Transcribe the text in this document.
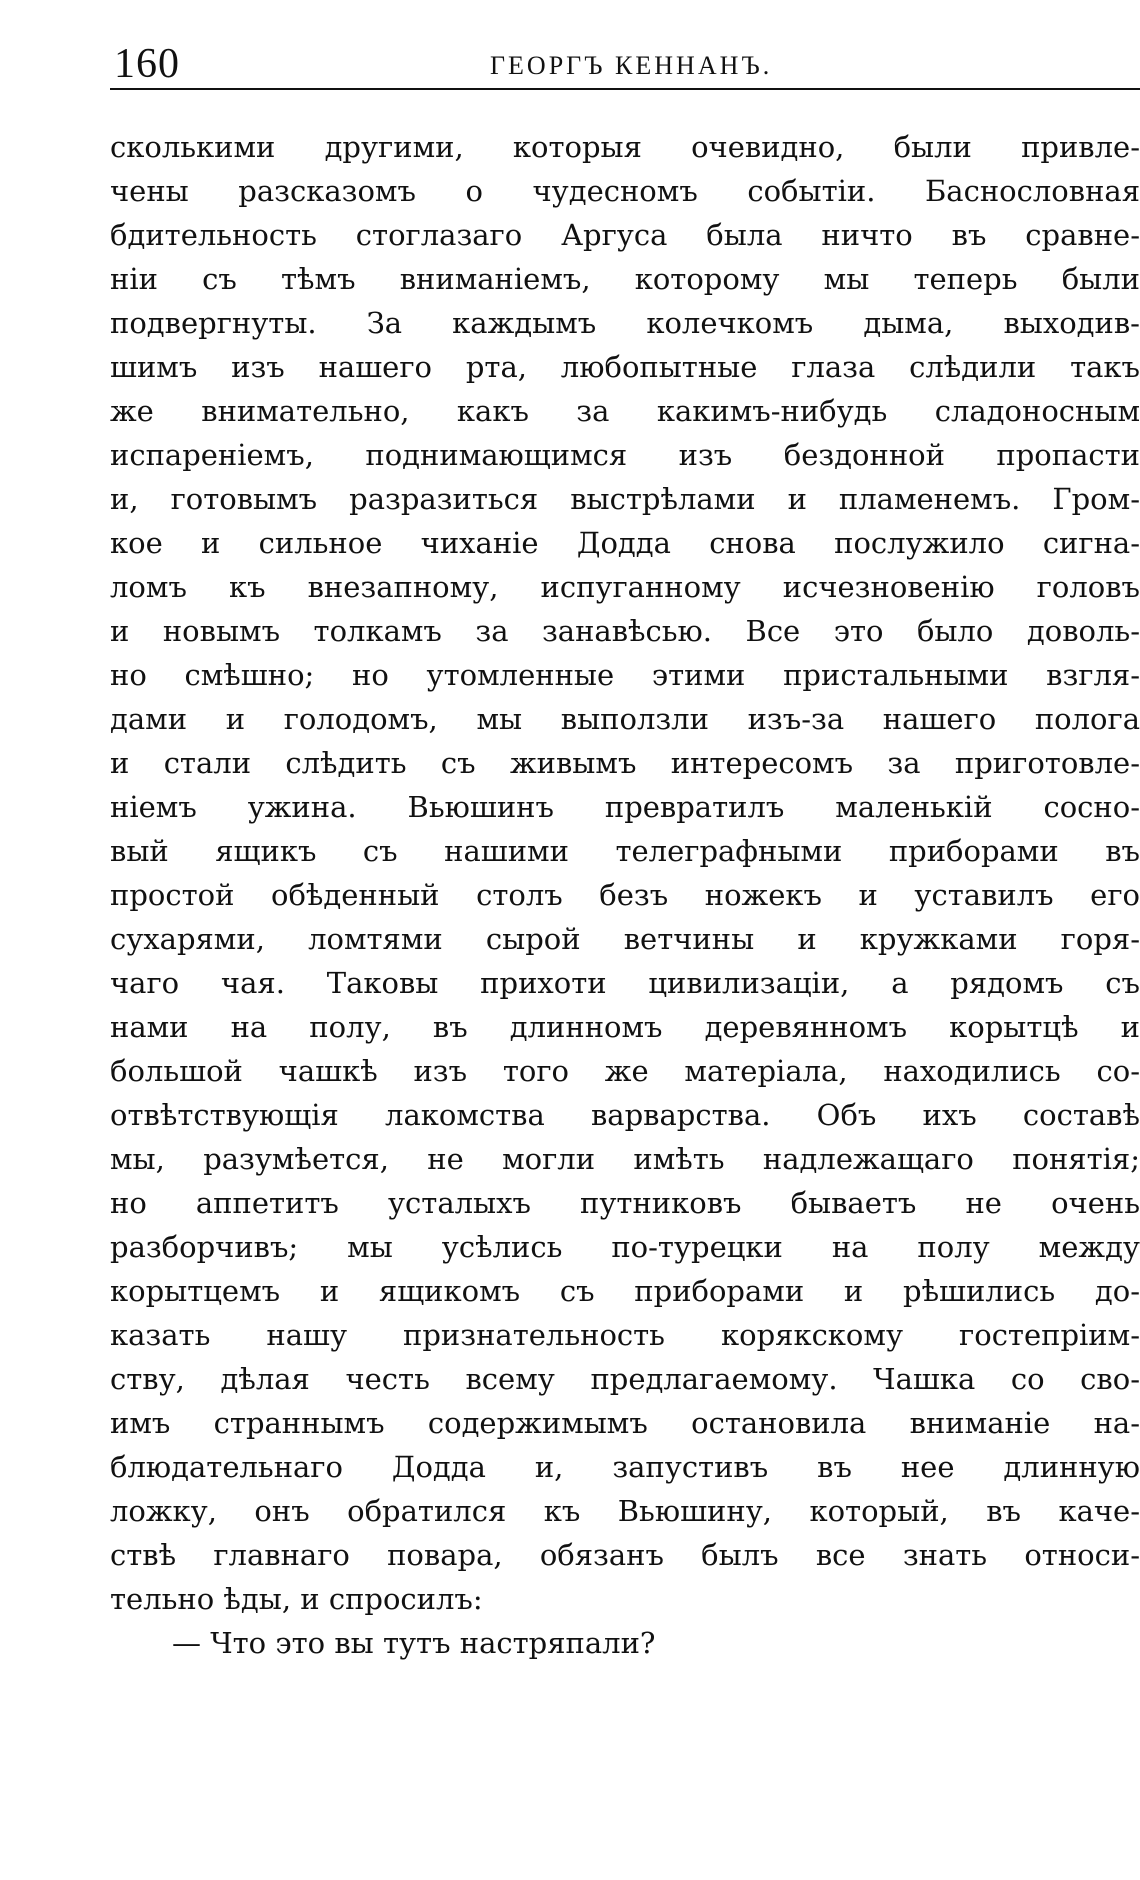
160	ГЕОРГЪ КЕННАНЪ.
сколькими другими, которыя очевидно, были привле-
чены разсказомъ о чудесномъ событіи. Баснословная
бдительность стоглазаго Аргуса была ничто въ сравне-
ніи съ тѣмъ вниманіемъ, которому мы теперь были
подвергнуты. За каждымъ колечкомъ дыма, выходив-
шимъ изъ нашего рта, любопытные глаза слѣдили такъ
же внимательно, какъ за какимъ-нибудь сладоносным
испареніемъ, поднимающимся изъ бездонной пропасти
и, готовымъ разразиться выстрѣлами и пламенемъ. Гром-
кое и сильное чиханіе Додда снова послужило сигна-
ломъ къ внезапному, испуганному исчезновенію головъ
и новымъ толкамъ за занавѣсью. Все это было доволь-
но смѣшно; но утомленные этими пристальными взгля-
дами и голодомъ, мы выползли изъ-за нашего полога
и стали слѣдить съ живымъ интересомъ за приготовле-
ніемъ ужина. Вьюшинъ превратилъ маленькій сосно-
вый ящикъ съ нашими телеграфными приборами въ
простой обѣденный столъ безъ ножекъ и уставилъ его
сухарями, ломтями сырой ветчины и кружками горя-
чаго чая. Таковы прихоти цивилизаціи, а рядомъ съ
нами на полу, въ длинномъ деревянномъ корытцѣ и
большой чашкѣ изъ того же матеріала, находились со-
отвѣтствующія лакомства варварства. Объ ихъ составѣ
мы, разумѣется, не могли имѣть надлежащаго понятія;
но аппетитъ усталыхъ путниковъ бываетъ не очень
разборчивъ; мы усѣлись по-турецки на полу между
корытцемъ и ящикомъ съ приборами и рѣшились до-
казать нашу признательность корякскому гостепріим-
ству, дѣлая честь всему предлагаемому. Чашка со сво-
имъ страннымъ содержимымъ остановила вниманіе на-
блюдательнаго Додда и, запустивъ въ нее длинную
ложку, онъ обратился къ Вьюшину, который, въ каче-
ствѣ главнаго повара, обязанъ былъ все знать относи-
тельно ѣды, и спросилъ:
— Что это вы тутъ настряпали?
